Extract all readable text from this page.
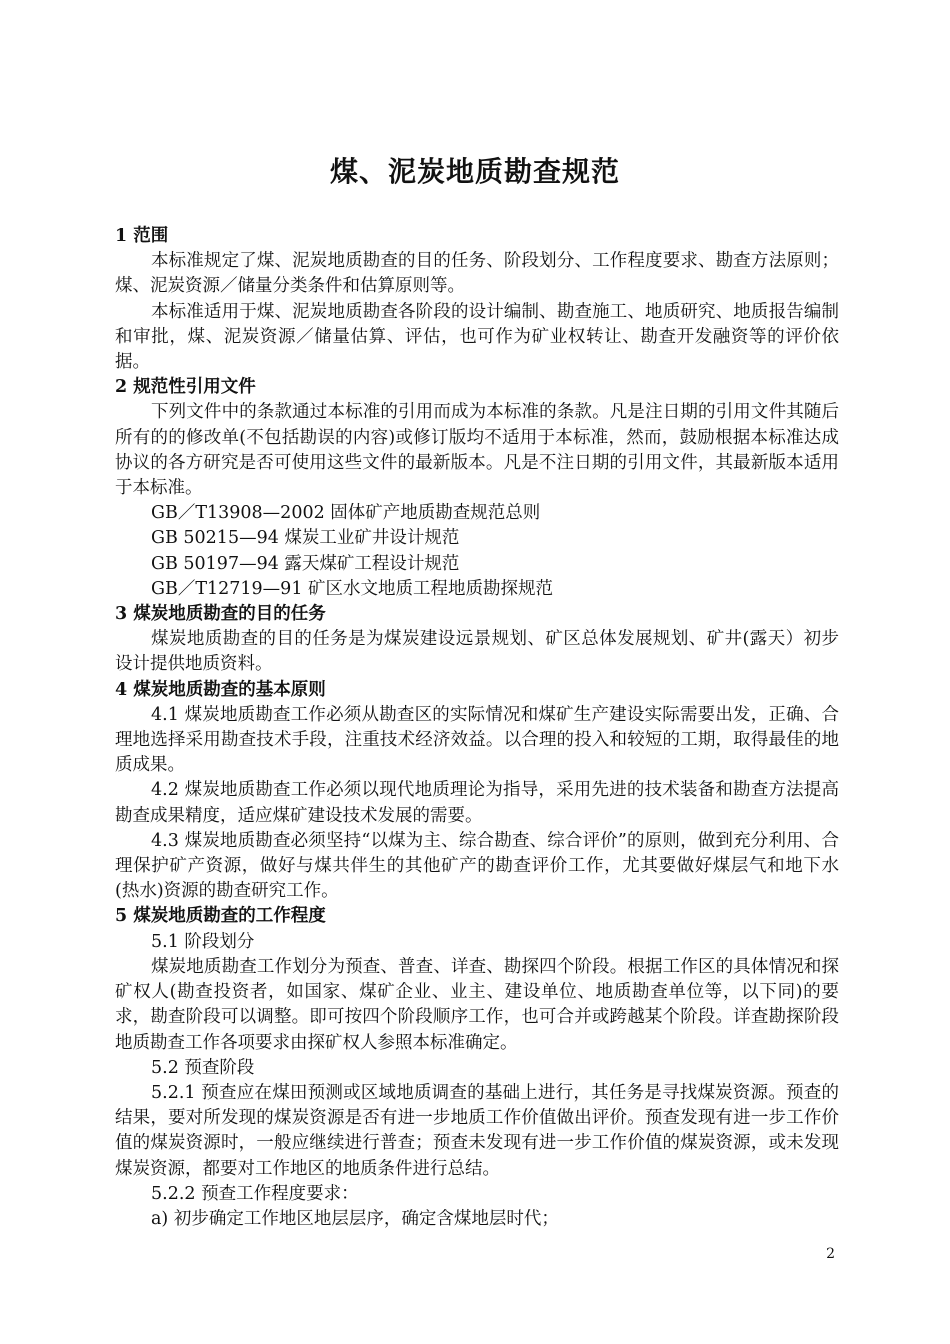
煤、泥炭地质勘查规范

1 范围

本标准规定了煤、泥炭地质勘查的目的任务、阶段划分、工作程度要求、勘查方法原则；煤、泥炭资源／储量分类条件和估算原则等。

本标准适用于煤、泥炭地质勘查各阶段的设计编制、勘查施工、地质研究、地质报告编制和审批，煤、泥炭资源／储量估算、评估，也可作为矿业权转让、勘查开发融资等的评价依据。

2 规范性引用文件

下列文件中的条款通过本标准的引用而成为本标准的条款。凡是注日期的引用文件其随后所有的的修改单(不包括勘误的内容)或修订版均不适用于本标准，然而，鼓励根据本标准达成协议的各方研究是否可使用这些文件的最新版本。凡是不注日期的引用文件，其最新版本适用于本标准。

GB／T13908—2002 固体矿产地质勘查规范总则

GB 50215—94 煤炭工业矿井设计规范

GB 50197—94 露天煤矿工程设计规范

GB／T12719—91 矿区水文地质工程地质勘探规范

3 煤炭地质勘查的目的任务

煤炭地质勘查的目的任务是为煤炭建设远景规划、矿区总体发展规划、矿井(露天）初步设计提供地质资料。

4 煤炭地质勘查的基本原则

4.1 煤炭地质勘查工作必须从勘查区的实际情况和煤矿生产建设实际需要出发，正确、合理地选择采用勘查技术手段，注重技术经济效益。以合理的投入和较短的工期，取得最佳的地质成果。

4.2 煤炭地质勘查工作必须以现代地质理论为指导，采用先进的技术装备和勘查方法提高勘查成果精度，适应煤矿建设技术发展的需要。

4.3 煤炭地质勘查必须坚持“以煤为主、综合勘查、综合评价”的原则，做到充分利用、合理保护矿产资源，做好与煤共伴生的其他矿产的勘查评价工作，尤其要做好煤层气和地下水(热水)资源的勘查研究工作。

5 煤炭地质勘查的工作程度

5.1 阶段划分

煤炭地质勘查工作划分为预查、普查、详查、勘探四个阶段。根据工作区的具体情况和探矿权人(勘查投资者，如国家、煤矿企业、业主、建设单位、地质勘查单位等，以下同)的要求，勘查阶段可以调整。即可按四个阶段顺序工作，也可合并或跨越某个阶段。详查勘探阶段地质勘查工作各项要求由探矿权人参照本标准确定。

5.2 预查阶段

5.2.1 预查应在煤田预测或区域地质调查的基础上进行，其任务是寻找煤炭资源。预查的结果，要对所发现的煤炭资源是否有进一步地质工作价值做出评价。预查发现有进一步工作价值的煤炭资源时，一般应继续进行普查；预查未发现有进一步工作价值的煤炭资源，或未发现煤炭资源，都要对工作地区的地质条件进行总结。

5.2.2 预查工作程度要求：

a) 初步确定工作地区地层层序，确定含煤地层时代；

2
